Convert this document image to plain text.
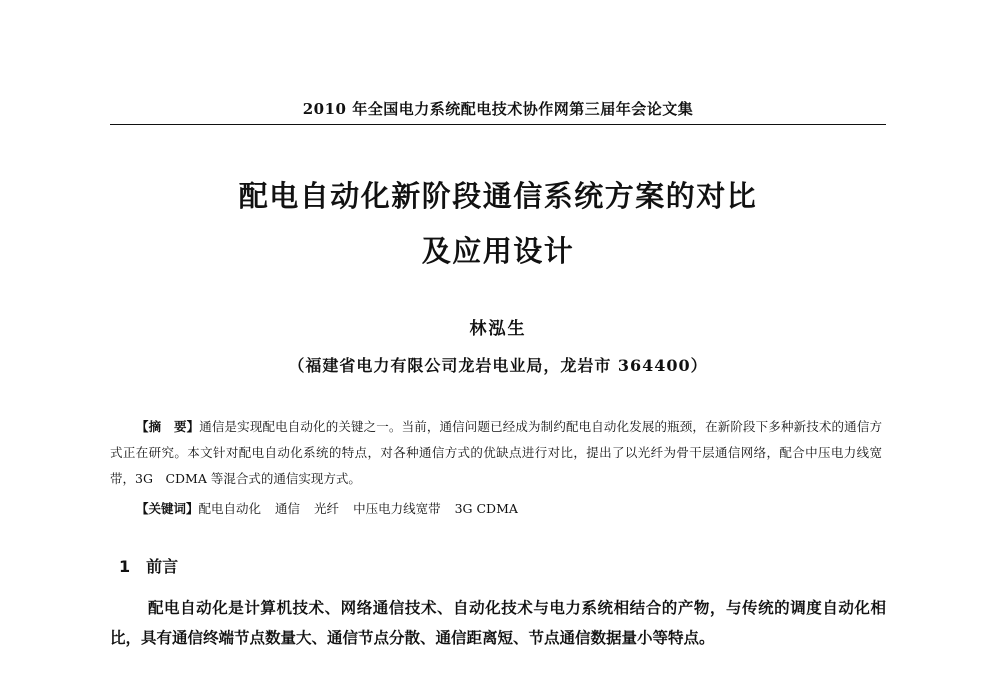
2010 年全国电力系统配电技术协作网第三届年会论文集
配电自动化新阶段通信系统方案的对比
及应用设计
林泓生
（福建省电力有限公司龙岩电业局，龙岩市 364400）

【摘　要】通信是实现配电自动化的关键之一。当前，通信问题已经成为制约配电自动化发展的瓶颈，在新阶段下多种新技术的通信方式正在研究。本文针对配电自动化系统的特点，对各种通信方式的优缺点进行对比，提出了以光纤为骨干层通信网络，配合中压电力线宽带，3G　CDMA 等混合式的通信实现方式。

【关键词】配电自动化 通信 光纤 中压电力线宽带 3G CDMA

1 前言

配电自动化是计算机技术、网络通信技术、自动化技术与电力系统相结合的产物，与传统的调度自动化相比，具有通信终端节点数量大、通信节点分散、通信距离短、节点通信数据量小等特点。
